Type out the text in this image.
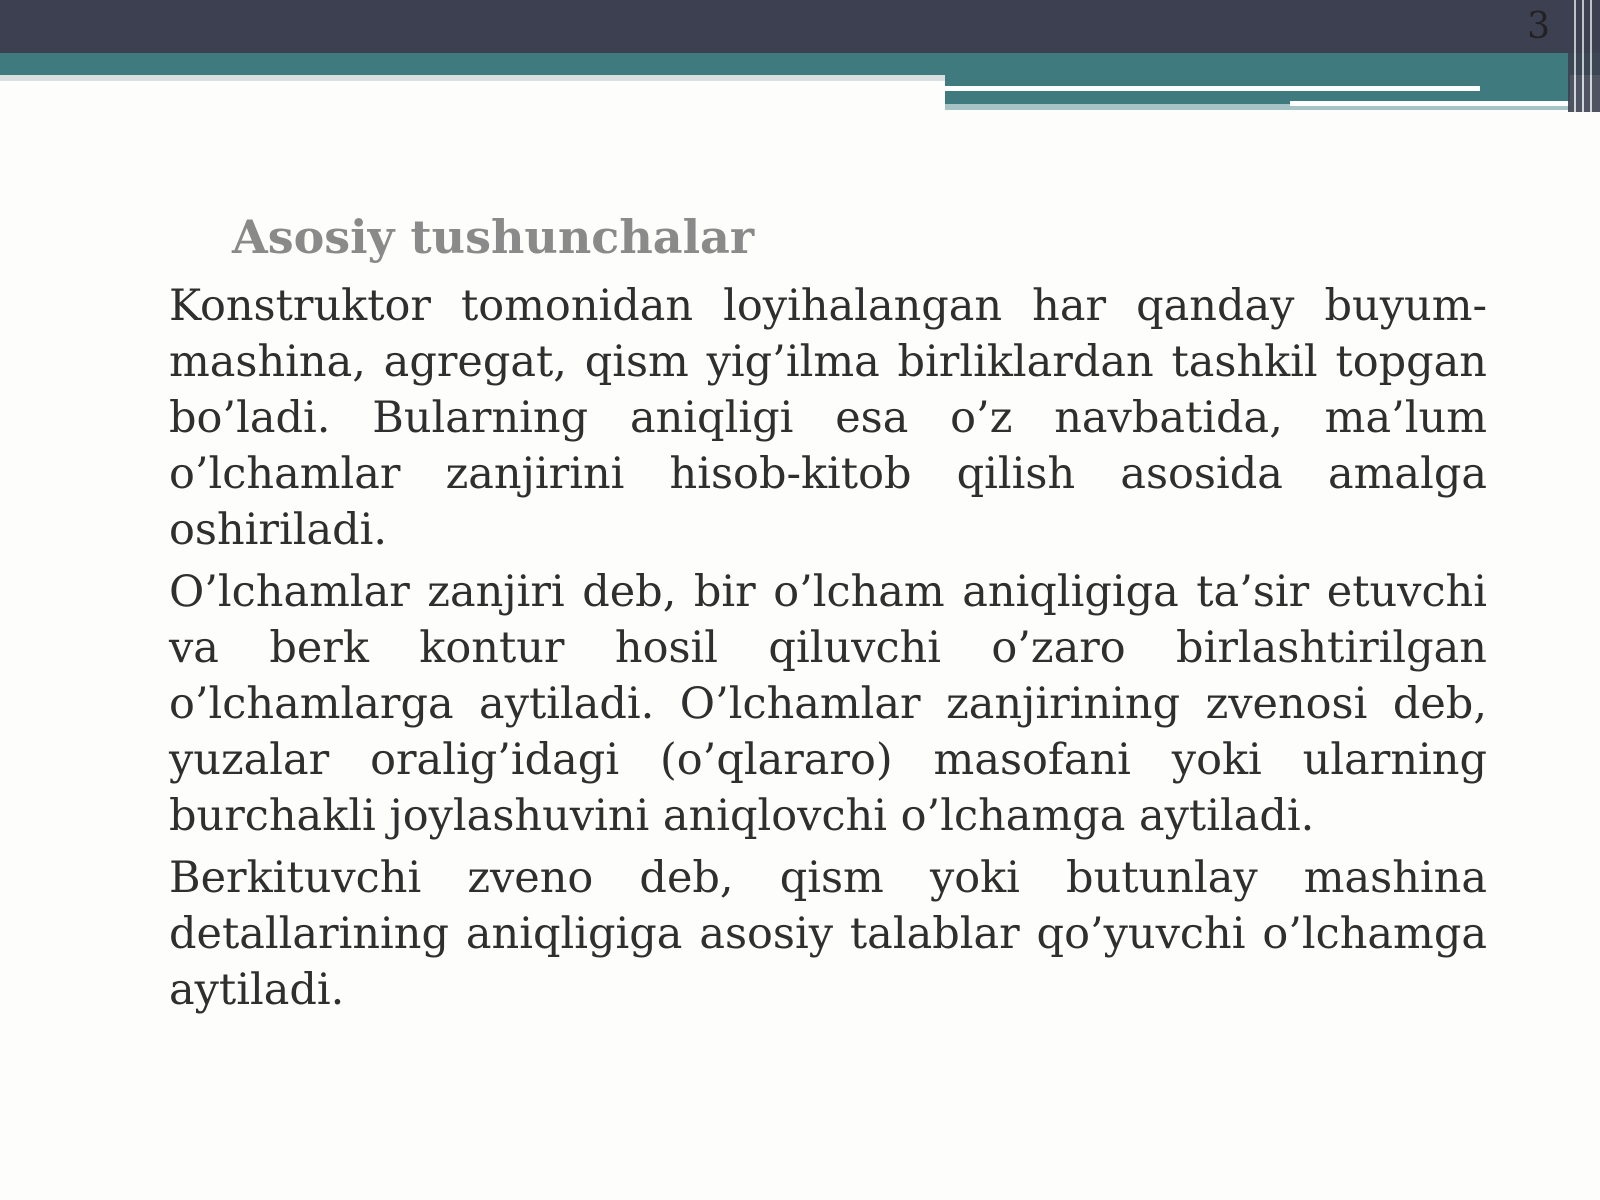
3
Asosiy tushunchalar

Konstruktor tomonidan loyihalangan har qanday buyum-mashina, agregat, qism yig’ilma birliklardan tashkil topgan bo’ladi. Bularning aniqligi esa o’z navbatida, ma’lum o’lchamlar zanjirini hisob-kitob qilish asosida amalga oshiriladi.

O’lchamlar zanjiri deb, bir o’lcham aniqligiga ta’sir etuvchi va berk kontur hosil qiluvchi o’zaro birlashtirilgan o’lchamlarga aytiladi. O’lchamlar zanjirining zvenosi deb, yuzalar oralig’idagi (o’qlararo) masofani yoki ularning burchakli joylashuvini aniqlovchi o’lchamga aytiladi.

Berkituvchi zveno deb, qism yoki butunlay mashina detallarining aniqligiga asosiy talablar qo’yuvchi o’lchamga aytiladi.
